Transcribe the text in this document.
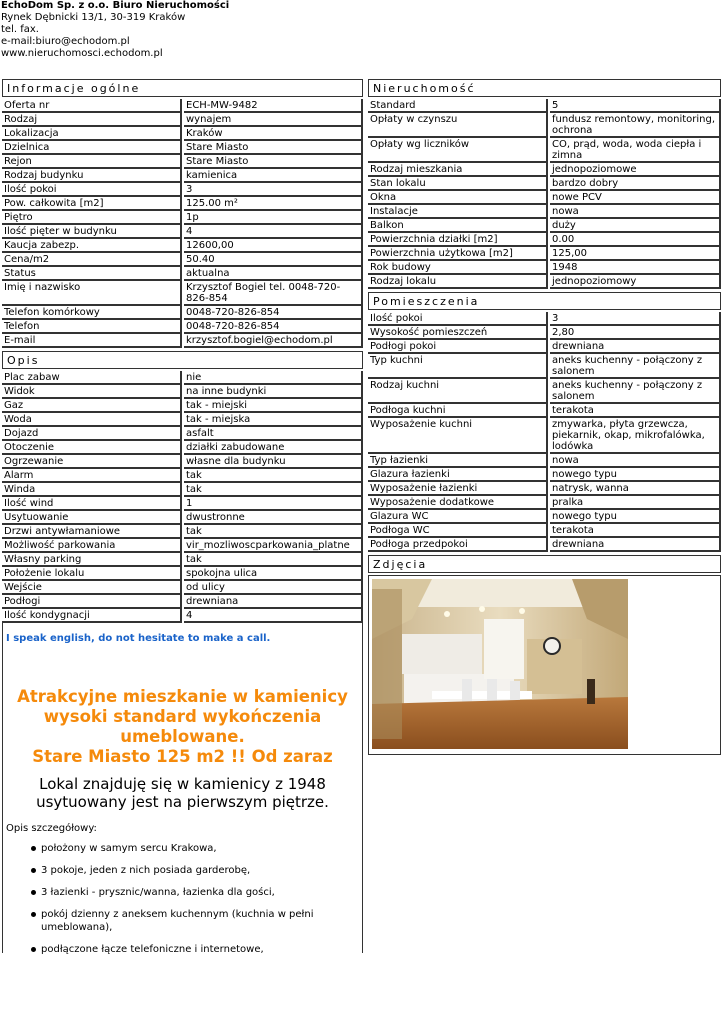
EchoDom Sp. z o.o. Biuro Nieruchomości
Rynek Dębnicki 13/1, 30-319 Kraków
tel. fax.
e-mail:biuro@echodom.pl
www.nieruchomosci.echodom.pl
Informacje ogólne
Oferta nr		ECH-MW-9482
Rodzaj		wynajem
Lokalizacja		Kraków
Dzielnica		Stare Miasto
Rejon		Stare Miasto
Rodzaj budynku		kamienica
Ilość pokoi		3
Pow. całkowita [m2]		125.00 m²
Piętro		1p
Ilość pięter w budynku		4
Kaucja zabezp.		12600,00
Cena/m2		50.40
Status		aktualna
Imię i nazwisko		Krzysztof Bogiel tel. 0048-720-826-854
Telefon komórkowy		0048-720-826-854
Telefon		0048-720-826-854
E-mail		krzysztof.bogiel@echodom.pl
Opis
Plac zabaw		nie
Widok		na inne budynki
Gaz		tak - miejski
Woda		tak - miejska
Dojazd		asfalt
Otoczenie		działki zabudowane
Ogrzewanie		własne dla budynku
Alarm		tak
Winda		tak
Ilość wind		1
Usytuowanie		dwustronne
Drzwi antywłamaniowe		tak
Możliwość parkowania		vir_mozliwoscparkowania_platne
Własny parking		tak
Położenie lokalu		spokojna ulica
Wejście		od ulicy
Podłogi		drewniana
Ilość kondygnacji		4
I speak english, do not hesitate to make a call.
Atrakcyjne mieszkanie w kamienicy
wysoki standard wykończenia
umeblowane.
Stare Miasto 125 m2 !! Od zaraz
Lokal znajduję się w kamienicy z 1948
usytuowany jest na pierwszym piętrze.
Opis szczegółowy:
położony w samym sercu Krakowa,
3 pokoje, jeden z nich posiada garderobę,
3 łazienki - prysznic/wanna, łazienka dla gości,
pokój dzienny z aneksem kuchennym (kuchnia w pełni umeblowana),
podłączone łącze telefoniczne i internetowe,
Nieruchomość
Standard		5
Opłaty w czynszu		fundusz remontowy, monitoring, ochrona
Opłaty wg liczników		CO, prąd, woda, woda ciepła i zimna
Rodzaj mieszkania		jednopoziomowe
Stan lokalu		bardzo dobry
Okna		nowe PCV
Instalacje		nowa
Balkon		duży
Powierzchnia działki [m2]		0.00
Powierzchnia użytkowa [m2]		125,00
Rok budowy		1948
Rodzaj lokalu		jednopoziomowy
Pomieszczenia
Ilość pokoi		3
Wysokość pomieszczeń		2,80
Podłogi pokoi		drewniana
Typ kuchni		aneks kuchenny - połączony z salonem
Rodzaj kuchni		aneks kuchenny - połączony z salonem
Podłoga kuchni		terakota
Wyposażenie kuchni		zmywarka, płyta grzewcza, piekarnik, okap, mikrofalówka, lodówka
Typ łazienki		nowa
Glazura łazienki		nowego typu
Wyposażenie łazienki		natrysk, wanna
Wyposażenie dodatkowe		pralka
Glazura WC		nowego typu
Podłoga WC		terakota
Podłoga przedpokoi		drewniana
Zdjęcia
